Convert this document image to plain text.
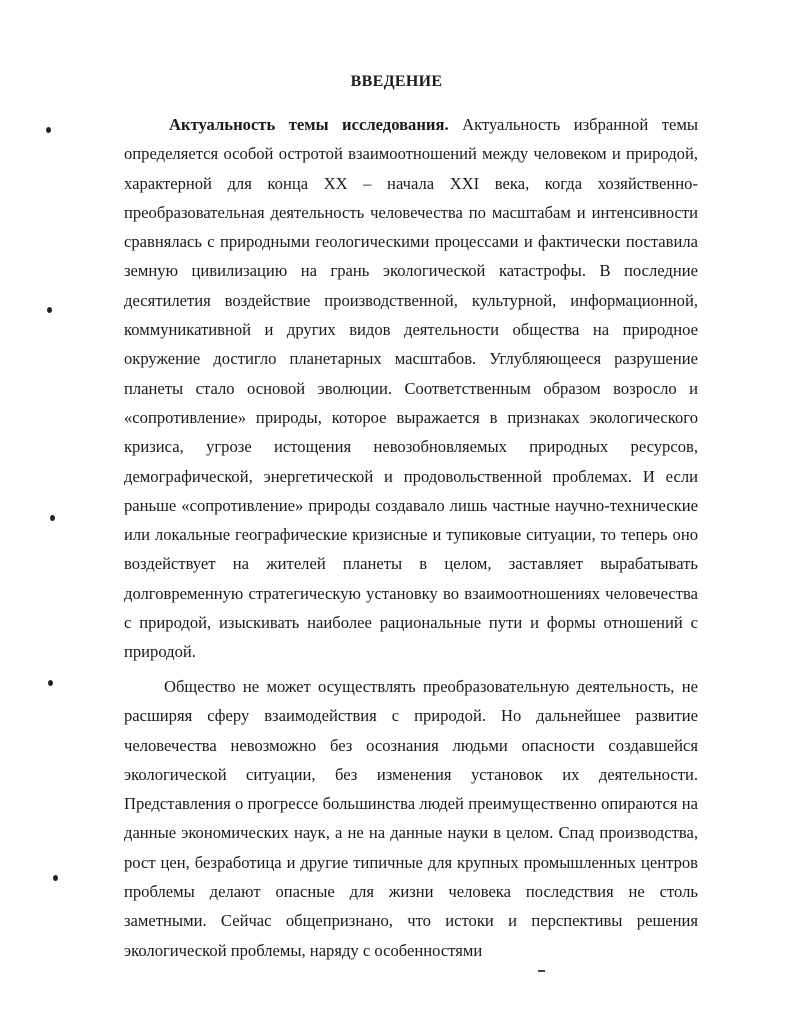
ВВЕДЕНИЕ
Актуальность темы исследования. Актуальность избранной темы определяется особой остротой взаимоотношений между человеком и природой, характерной для конца XX – начала XXI века, когда хозяйственно-преобразовательная деятельность человечества по масштабам и интенсивности сравнялась с природными геологическими процессами и фактически поставила земную цивилизацию на грань экологической катастрофы. В последние десятилетия воздействие производственной, культурной, информационной, коммуникативной и других видов деятельности общества на природное окружение достигло планетарных масштабов. Углубляющееся разрушение планеты стало основой эволюции. Соответственным образом возросло и «сопротивление» природы, которое выражается в признаках экологического кризиса, угрозе истощения невозобновляемых природных ресурсов, демографической, энергетической и продовольственной проблемах. И если раньше «сопротивление» природы создавало лишь частные научно-технические или локальные географические кризисные и тупиковые ситуации, то теперь оно воздействует на жителей планеты в целом, заставляет вырабатывать долговременную стратегическую установку во взаимоотношениях человечества с природой, изыскивать наиболее рациональные пути и формы отношений с природой.
Общество не может осуществлять преобразовательную деятельность, не расширяя сферу взаимодействия с природой. Но дальнейшее развитие человечества невозможно без осознания людьми опасности создавшейся экологической ситуации, без изменения установок их деятельности. Представления о прогрессе большинства людей преимущественно опираются на данные экономических наук, а не на данные науки в целом. Спад производства, рост цен, безработица и другие типичные для крупных промышленных центров проблемы делают опасные для жизни человека последствия не столь заметными. Сейчас общепризнано, что истоки и перспективы решения экологической проблемы, наряду с особенностями
